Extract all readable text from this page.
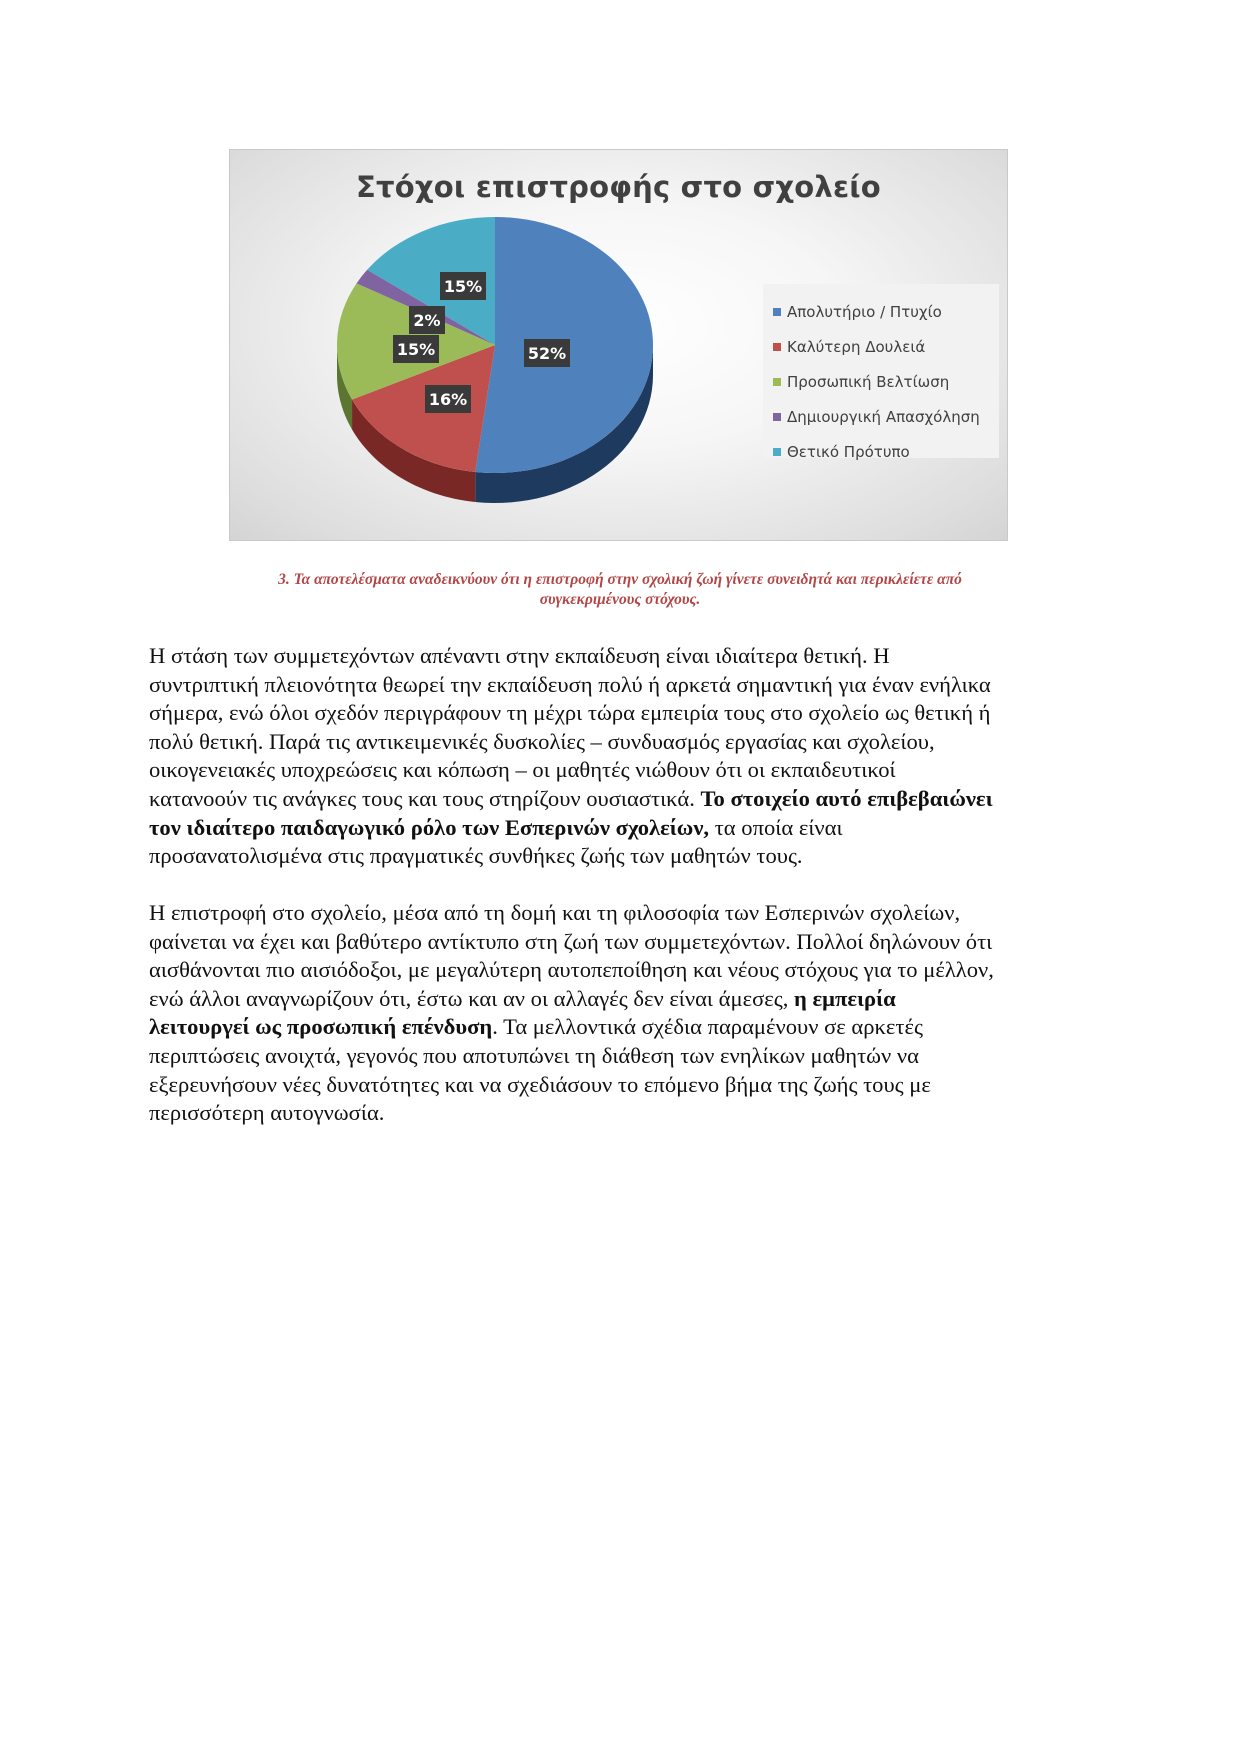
Στόχοι επιστροφής στο σχολείο
52%
16%
15%
2%
15%
Απολυτήριο / Πτυχίο
Καλύτερη Δουλειά
Προσωπική Βελτίωση
Δημιουργική Απασχόληση
Θετικό Πρότυπο
3. Τα αποτελέσματα αναδεικνύουν ότι η επιστροφή στην σχολική ζωή γίνετε συνειδητά και περικλείετε από
συγκεκριμένους στόχους.
Η στάση των συμμετεχόντων απέναντι στην εκπαίδευση είναι ιδιαίτερα θετική. Η
συντριπτική πλειονότητα θεωρεί την εκπαίδευση πολύ ή αρκετά σημαντική για έναν ενήλικα
σήμερα, ενώ όλοι σχεδόν περιγράφουν τη μέχρι τώρα εμπειρία τους στο σχολείο ως θετική ή
πολύ θετική. Παρά τις αντικειμενικές δυσκολίες – συνδυασμός εργασίας και σχολείου,
οικογενειακές υποχρεώσεις και κόπωση – οι μαθητές νιώθουν ότι οι εκπαιδευτικοί
κατανοούν τις ανάγκες τους και τους στηρίζουν ουσιαστικά. Το στοιχείο αυτό επιβεβαιώνει
τον ιδιαίτερο παιδαγωγικό ρόλο των Εσπερινών σχολείων, τα οποία είναι
προσανατολισμένα στις πραγματικές συνθήκες ζωής των μαθητών τους.
Η επιστροφή στο σχολείο, μέσα από τη δομή και τη φιλοσοφία των Εσπερινών σχολείων,
φαίνεται να έχει και βαθύτερο αντίκτυπο στη ζωή των συμμετεχόντων. Πολλοί δηλώνουν ότι
αισθάνονται πιο αισιόδοξοι, με μεγαλύτερη αυτοπεποίθηση και νέους στόχους για το μέλλον,
ενώ άλλοι αναγνωρίζουν ότι, έστω και αν οι αλλαγές δεν είναι άμεσες, η εμπειρία
λειτουργεί ως προσωπική επένδυση. Τα μελλοντικά σχέδια παραμένουν σε αρκετές
περιπτώσεις ανοιχτά, γεγονός που αποτυπώνει τη διάθεση των ενηλίκων μαθητών να
εξερευνήσουν νέες δυνατότητες και να σχεδιάσουν το επόμενο βήμα της ζωής τους με
περισσότερη αυτογνωσία.
